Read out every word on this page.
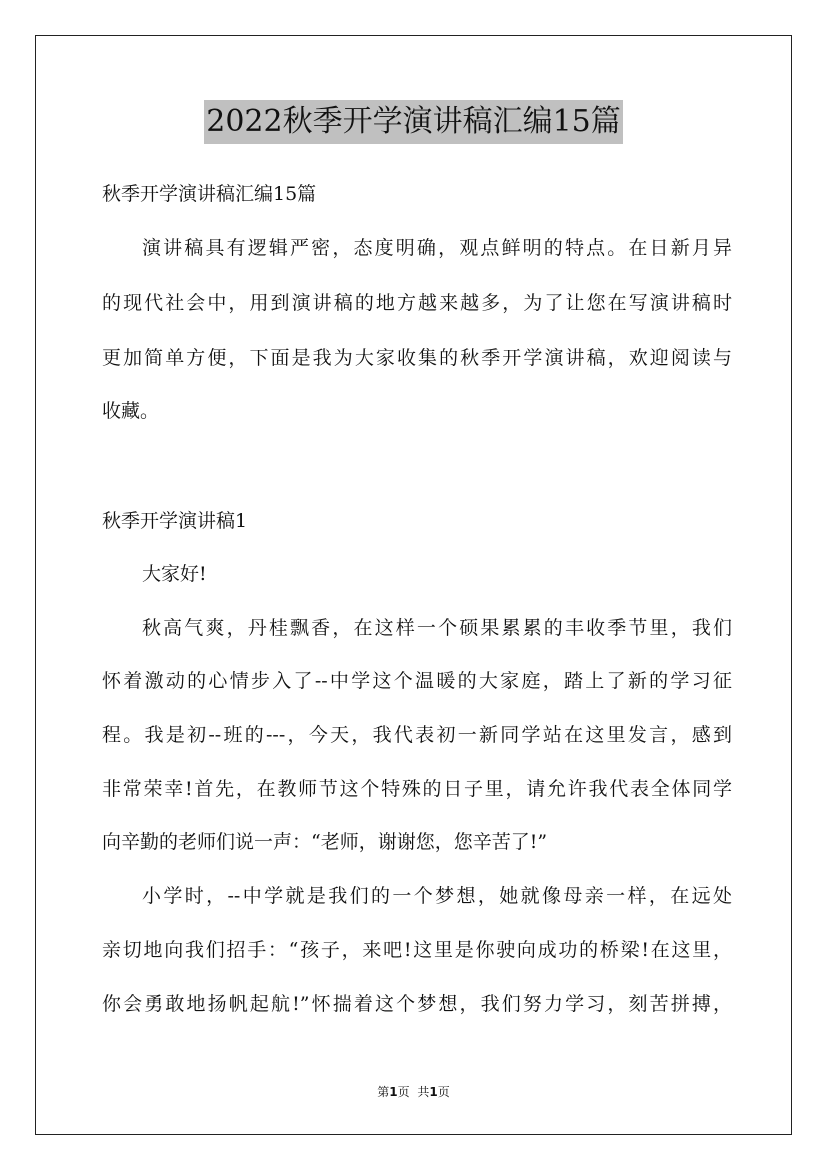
2022秋季开学演讲稿汇编15篇
秋季开学演讲稿汇编15篇
演讲稿具有逻辑严密，态度明确，观点鲜明的特点。在日新月异
的现代社会中，用到演讲稿的地方越来越多，为了让您在写演讲稿时
更加简单方便，下面是我为大家收集的秋季开学演讲稿，欢迎阅读与
收藏。
秋季开学演讲稿1
大家好!
秋高气爽，丹桂飘香，在这样一个硕果累累的丰收季节里，我们
怀着激动的心情步入了--中学这个温暖的大家庭，踏上了新的学习征
程。我是初--班的---，今天，我代表初一新同学站在这里发言，感到
非常荣幸!首先，在教师节这个特殊的日子里，请允许我代表全体同学
向辛勤的老师们说一声：“老师，谢谢您，您辛苦了!”
小学时，--中学就是我们的一个梦想，她就像母亲一样，在远处
亲切地向我们招手：“孩子，来吧!这里是你驶向成功的桥梁!在这里，
你会勇敢地扬帆起航!”怀揣着这个梦想，我们努力学习，刻苦拼搏，
第1页 共1页
